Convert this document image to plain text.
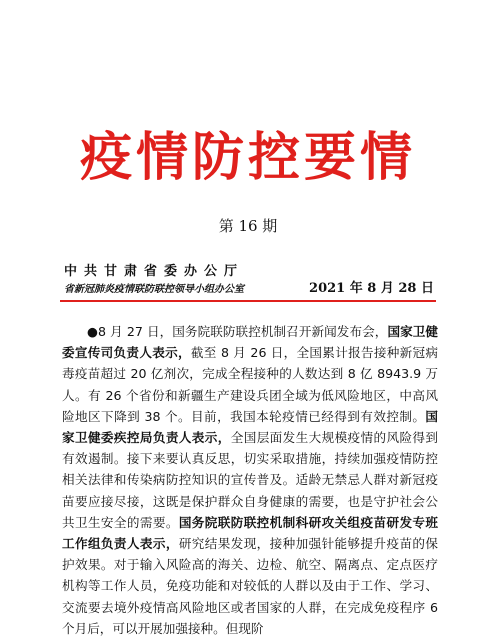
疫情防控要情
第 16 期
中共甘肃省委办公厅
省新冠肺炎疫情联防联控领导小组办公室	2021 年 8 月 28 日

●8 月 27 日，国务院联防联控机制召开新闻发布会，国家卫健委宣传司负责人表示，截至 8 月 26 日，全国累计报告接种新冠病毒疫苗超过 20 亿剂次，完成全程接种的人数达到 8 亿 8943.9 万人。有 26 个省份和新疆生产建设兵团全域为低风险地区，中高风险地区下降到 38 个。目前，我国本轮疫情已经得到有效控制。国家卫健委疾控局负责人表示，全国层面发生大规模疫情的风险得到有效遏制。接下来要认真反思，切实采取措施，持续加强疫情防控相关法律和传染病防控知识的宣传普及。适龄无禁忌人群对新冠疫苗要应接尽接，这既是保护群众自身健康的需要，也是守护社会公共卫生安全的需要。国务院联防联控机制科研攻关组疫苗研发专班工作组负责人表示，研究结果发现，接种加强针能够提升疫苗的保护效果。对于输入风险高的海关、边检、航空、隔离点、定点医疗机构等工作人员，免疫功能和对较低的人群以及由于工作、学习、交流要去境外疫情高风险地区或者国家的人群，在完成免疫程序 6 个月后，可以开展加强接种。但现阶
